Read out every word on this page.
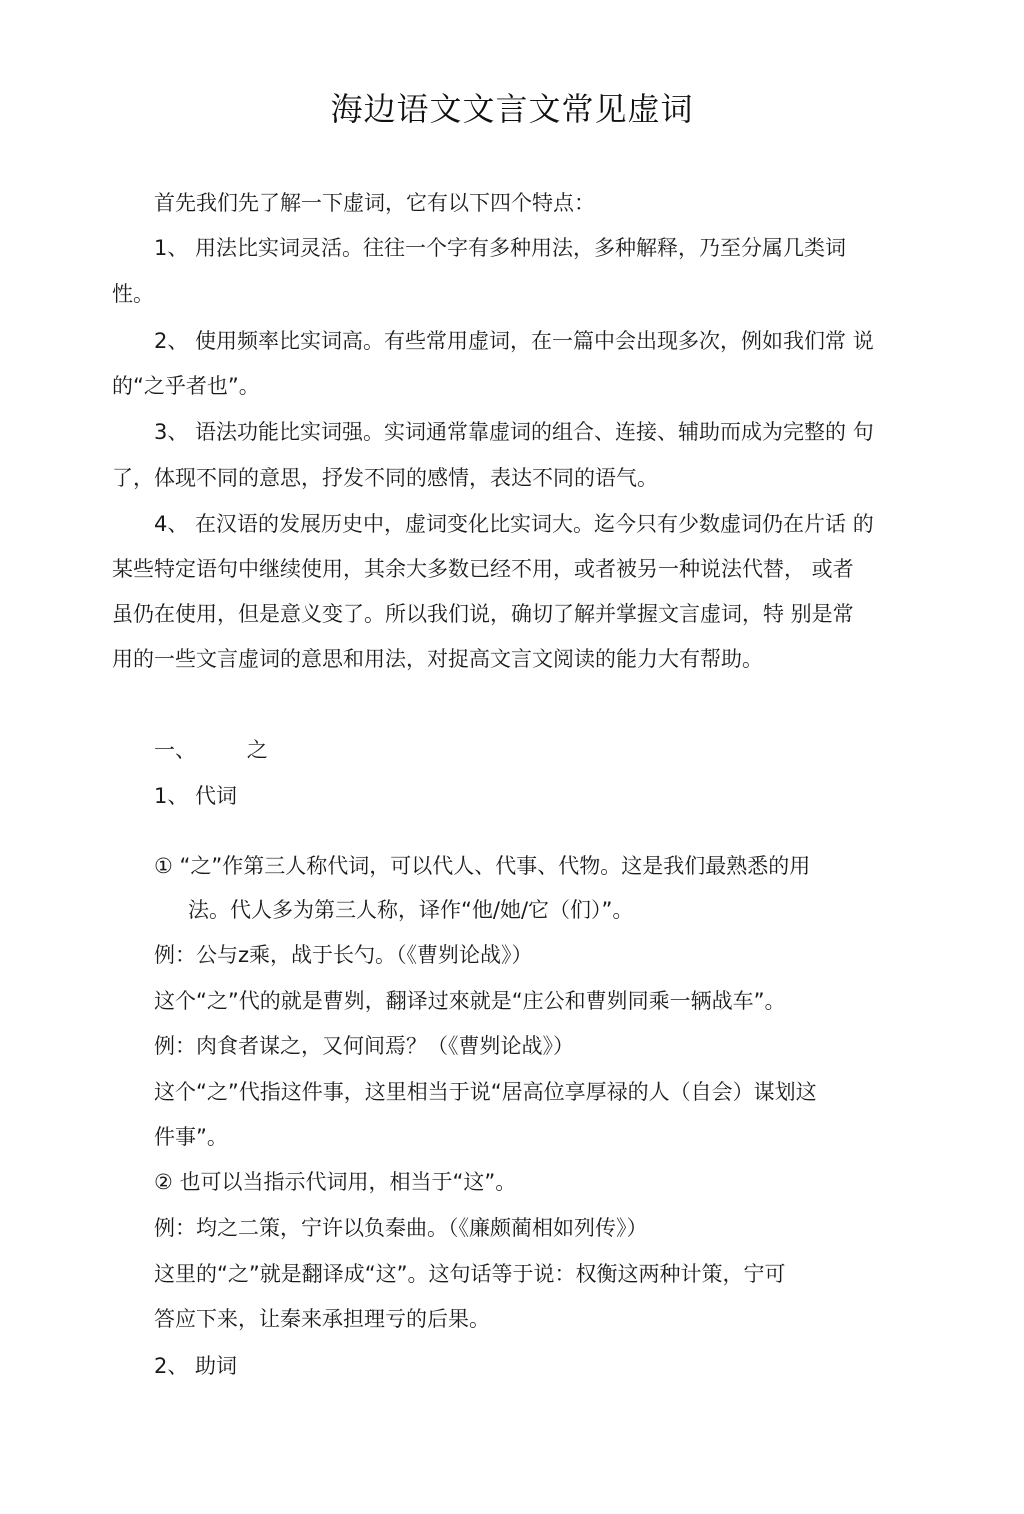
海边语文文言文常见虚词
首先我们先了解一下虚词，它有以下四个特点：
1、 用法比实词灵活。往往一个字有多种用法，多种解释，乃至分属几类词
性。
2、 使用频率比实词高。有些常用虚词，在一篇中会出现多次，例如我们常 说
的“之乎者也”。
3、 语法功能比实词强。实词通常靠虚词的组合、连接、辅助而成为完整的 句
了，体现不同的意思，抒发不同的感情，表达不同的语气。
4、 在汉语的发展历史中，虚词变化比实词大。迄今只有少数虚词仍在片话 的
某些特定语句中继续使用，其余大多数已经不用，或者被另一种说法代替， 或者
虽仍在使用，但是意义变了。所以我们说，确切了解并掌握文言虚词，特 别是常
用的一些文言虚词的意思和用法，对捉高文言文阅读的能力大有帮助。
一、 之
1、 代词
① “之”作第三人称代词，可以代人、代事、代物。这是我们最熟悉的用
法。代人多为第三人称，译作“他/她/它（们）”。
例：公与z乘，战于长勺。（《曹刿论战》）
这个“之”代的就是曹刿，翻译过來就是“庄公和曹刿同乘一辆战车”。
例：肉食者谋之，又何间焉？（《曹刿论战》）
这个“之”代指这件事，这里相当于说“居高位享厚禄的人（自会）谋划这
件事”。
② 也可以当指示代词用，相当于“这”。
例：均之二策，宁许以负秦曲。（《廉颇蔺相如列传》）
这里的“之”就是翻译成“这”。这句话等于说：权衡这两种计策，宁可
答应下来，让秦来承担理亏的后果。
2、 助词
